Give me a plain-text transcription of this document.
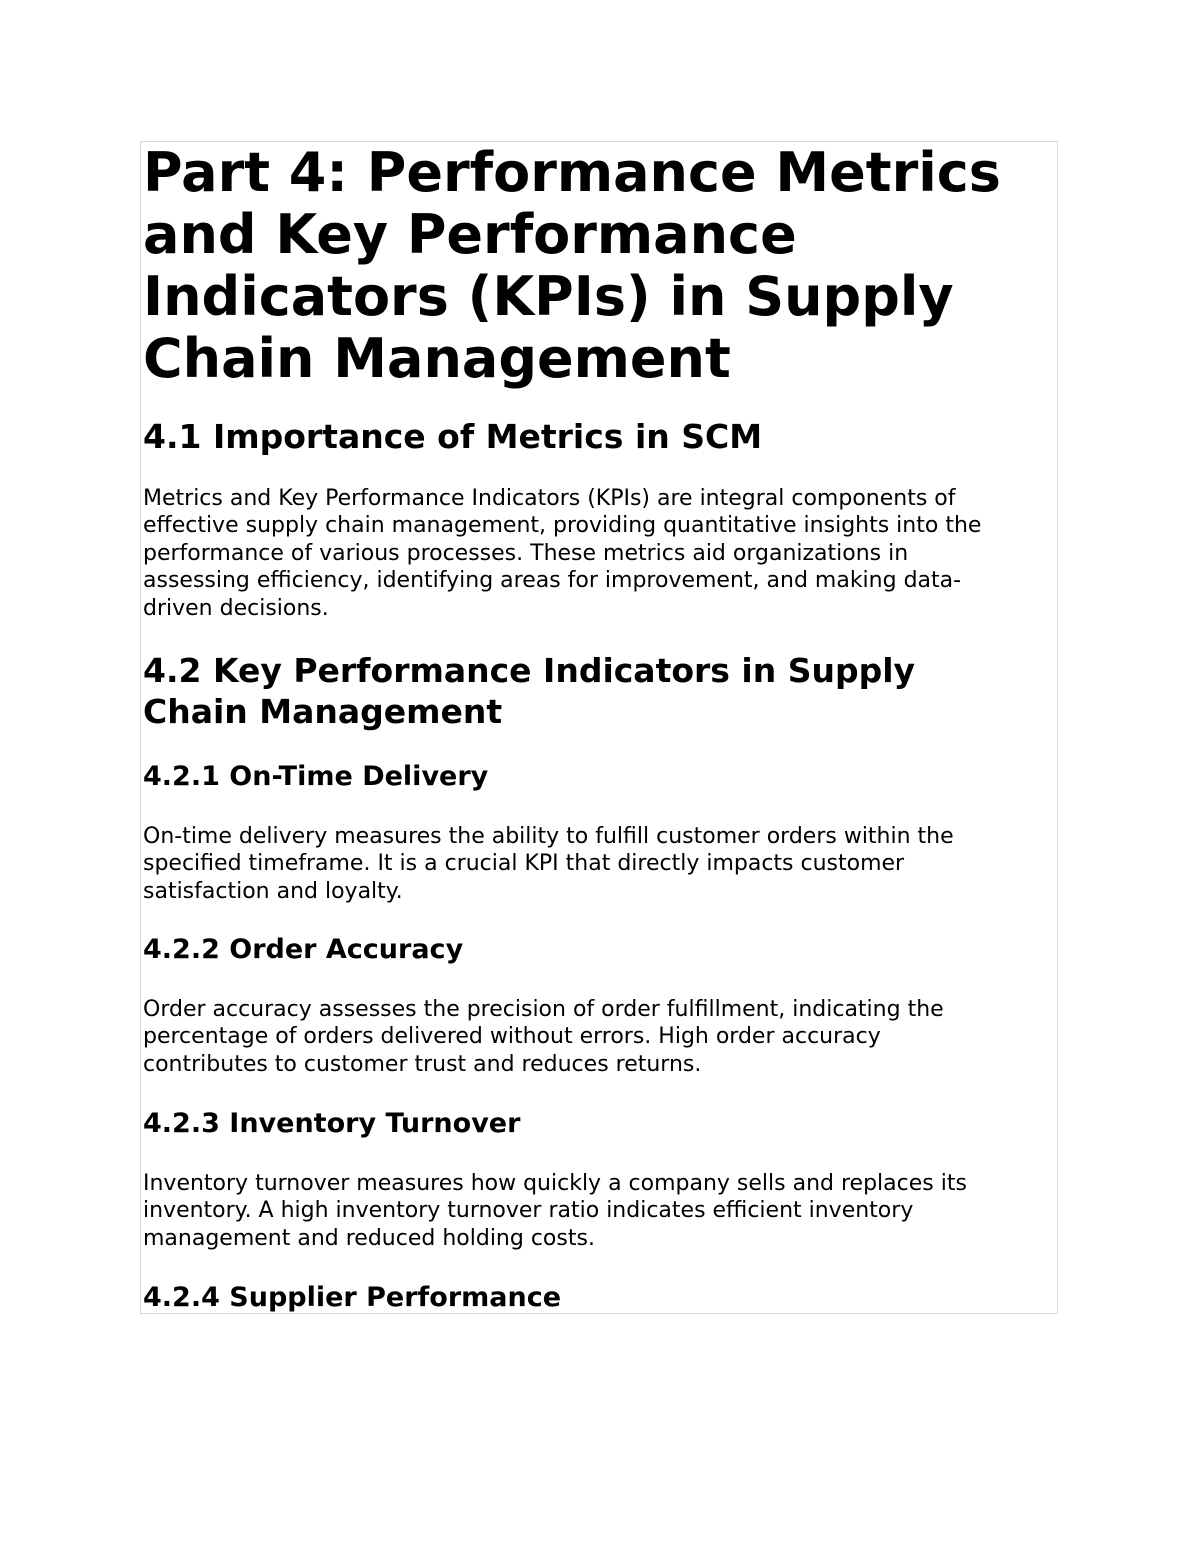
Part 4: Performance Metrics
and Key Performance
Indicators (KPIs) in Supply
Chain Management
4.1 Importance of Metrics in SCM

Metrics and Key Performance Indicators (KPIs) are integral components of
effective supply chain management, providing quantitative insights into the
performance of various processes. These metrics aid organizations in
assessing efficiency, identifying areas for improvement, and making data-
driven decisions.

4.2 Key Performance Indicators in Supply
Chain Management
4.2.1 On-Time Delivery

On-time delivery measures the ability to fulfill customer orders within the
specified timeframe. It is a crucial KPI that directly impacts customer
satisfaction and loyalty.

4.2.2 Order Accuracy

Order accuracy assesses the precision of order fulfillment, indicating the
percentage of orders delivered without errors. High order accuracy
contributes to customer trust and reduces returns.

4.2.3 Inventory Turnover

Inventory turnover measures how quickly a company sells and replaces its
inventory. A high inventory turnover ratio indicates efficient inventory
management and reduced holding costs.

4.2.4 Supplier Performance
